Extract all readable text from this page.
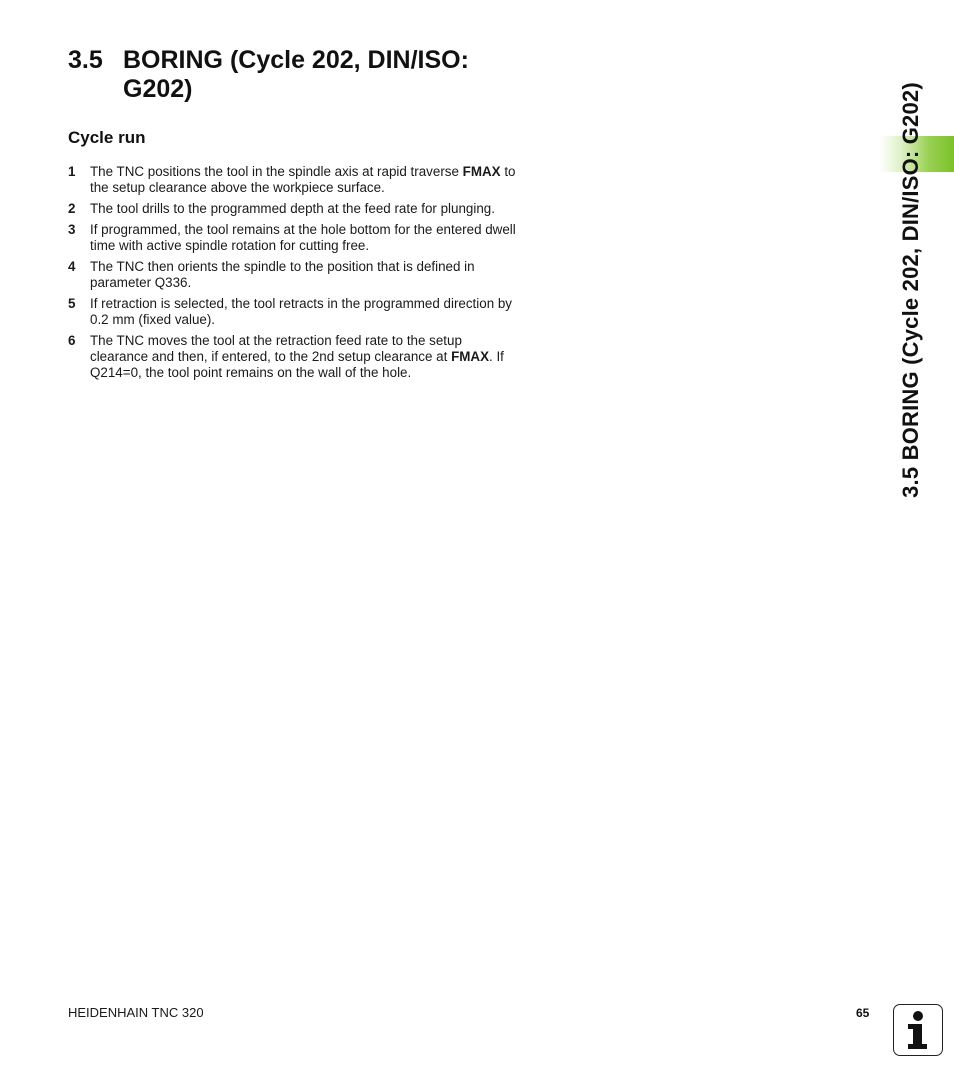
3.5 BORING (Cycle 202, DIN/ISO:
G202)
Cycle run
1	The TNC positions the tool in the spindle axis at rapid traverse FMAX to the setup clearance above the workpiece surface.
2	The tool drills to the programmed depth at the feed rate for plunging.
3	If programmed, the tool remains at the hole bottom for the entered dwell time with active spindle rotation for cutting free.
4	The TNC then orients the spindle to the position that is defined in parameter Q336.
5	If retraction is selected, the tool retracts in the programmed direction by 0.2 mm (fixed value).
6	The TNC moves the tool at the retraction feed rate to the setup clearance and then, if entered, to the 2nd setup clearance at FMAX. If Q214=0, the tool point remains on the wall of the hole.	3.5 BORING (Cycle 202, DIN/ISO: G202)
HEIDENHAIN TNC 320	65
